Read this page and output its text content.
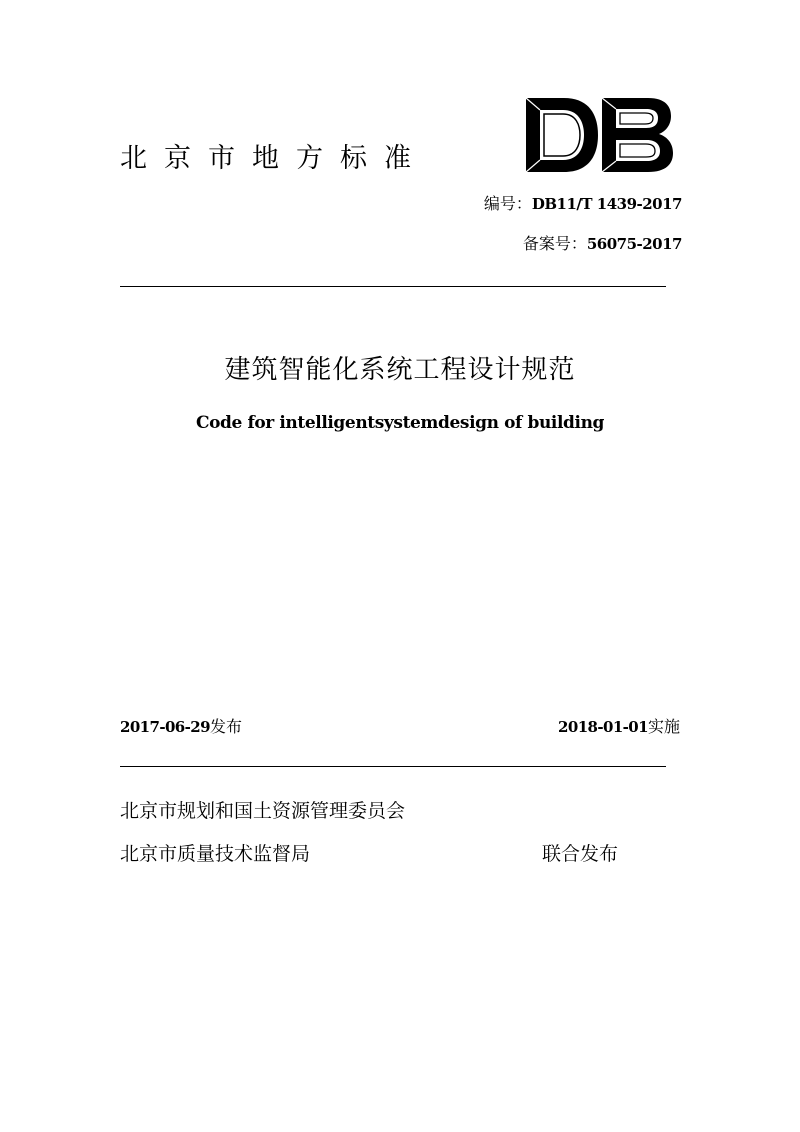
北京市地方标准
编号：DB11/T 1439-2017
备案号：56075-2017
建筑智能化系统工程设计规范
Code for intelligentsystemdesign of building
2017-06-29发布	2018-01-01实施
北京市规划和国土资源管理委员会
北京市质量技术监督局	联合发布
